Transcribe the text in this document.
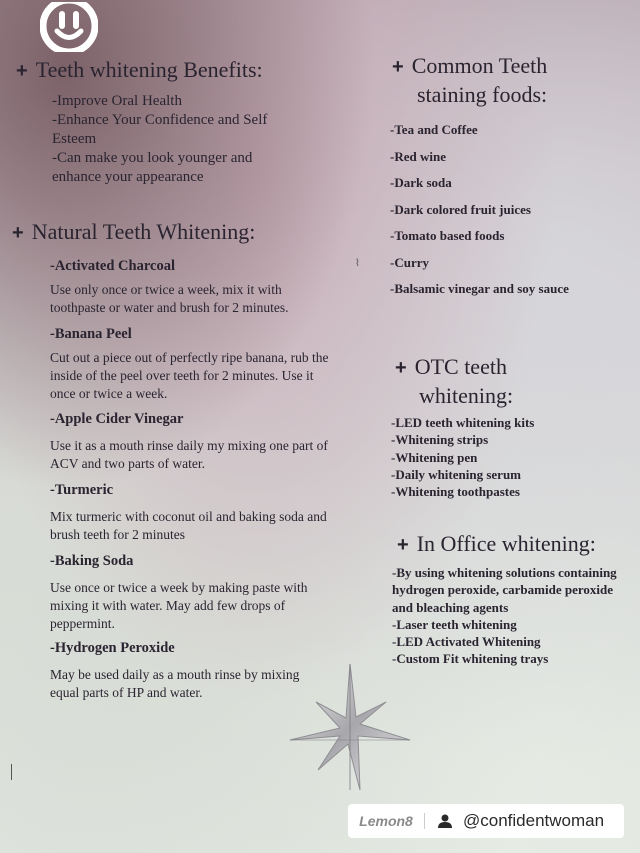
+ Teeth whitening Benefits:

-Improve Oral Health

-Enhance Your Confidence and Self

Esteem

-Can make you look younger and

enhance your appearance

+ Natural Teeth Whitening:

-Activated Charcoal

Use only once or twice a week, mix it with toothpaste or water and brush for 2 minutes.

-Banana Peel

Cut out a piece out of perfectly ripe banana, rub the inside of the peel over teeth for 2 minutes. Use it once or twice a week.

-Apple Cider Vinegar

Use it as a mouth rinse daily my mixing one part of ACV and two parts of water.

-Turmeric

Mix turmeric with coconut oil and baking soda and brush teeth for 2 minutes

-Baking Soda

Use once or twice a week by making paste with mixing it with water. May add few drops of peppermint.

-Hydrogen Peroxide

May be used daily as a mouth rinse by mixing equal parts of HP and water.

+ Common Teeth
staining foods:

-Tea and Coffee

-Red wine

-Dark soda

-Dark colored fruit juices

-Tomato based foods

-Curry

-Balsamic vinegar and soy sauce

+ OTC teeth
whitening:

-LED teeth whitening kits

-Whitening strips

-Whitening pen

-Daily whitening serum

-Whitening toothpastes

+ In Office whitening:

-By using whitening solutions containing

hydrogen peroxide, carbamide peroxide

and bleaching agents

-Laser teeth whitening

-LED Activated Whitening

-Custom Fit whitening trays

⌇
Lemon8	@confidentwoman
